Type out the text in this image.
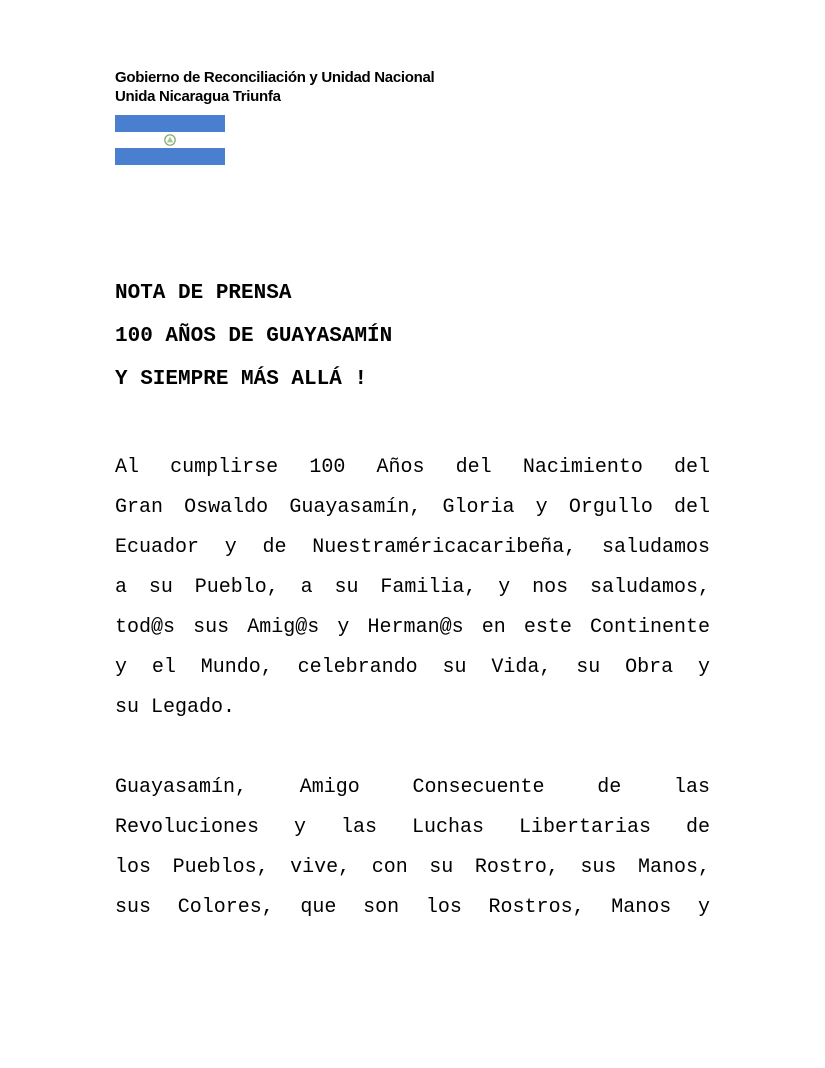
Gobierno de Reconciliación y Unidad Nacional
Unida Nicaragua Triunfa
NOTA DE PRENSA
100 AÑOS DE GUAYASAMÍN
Y SIEMPRE MÁS ALLÁ !
Al cumplirse 100 Años del Nacimiento del
Gran Oswaldo Guayasamín, Gloria y Orgullo del
Ecuador y de Nuestraméricacaribeña, saludamos
a su Pueblo, a su Familia, y nos saludamos,
tod@s sus Amig@s y Herman@s en este Continente
y el Mundo, celebrando su Vida, su Obra y
su Legado.
Guayasamín, Amigo Consecuente de las
Revoluciones y las Luchas Libertarias de
los Pueblos, vive, con su Rostro, sus Manos,
sus Colores, que son los Rostros, Manos y
